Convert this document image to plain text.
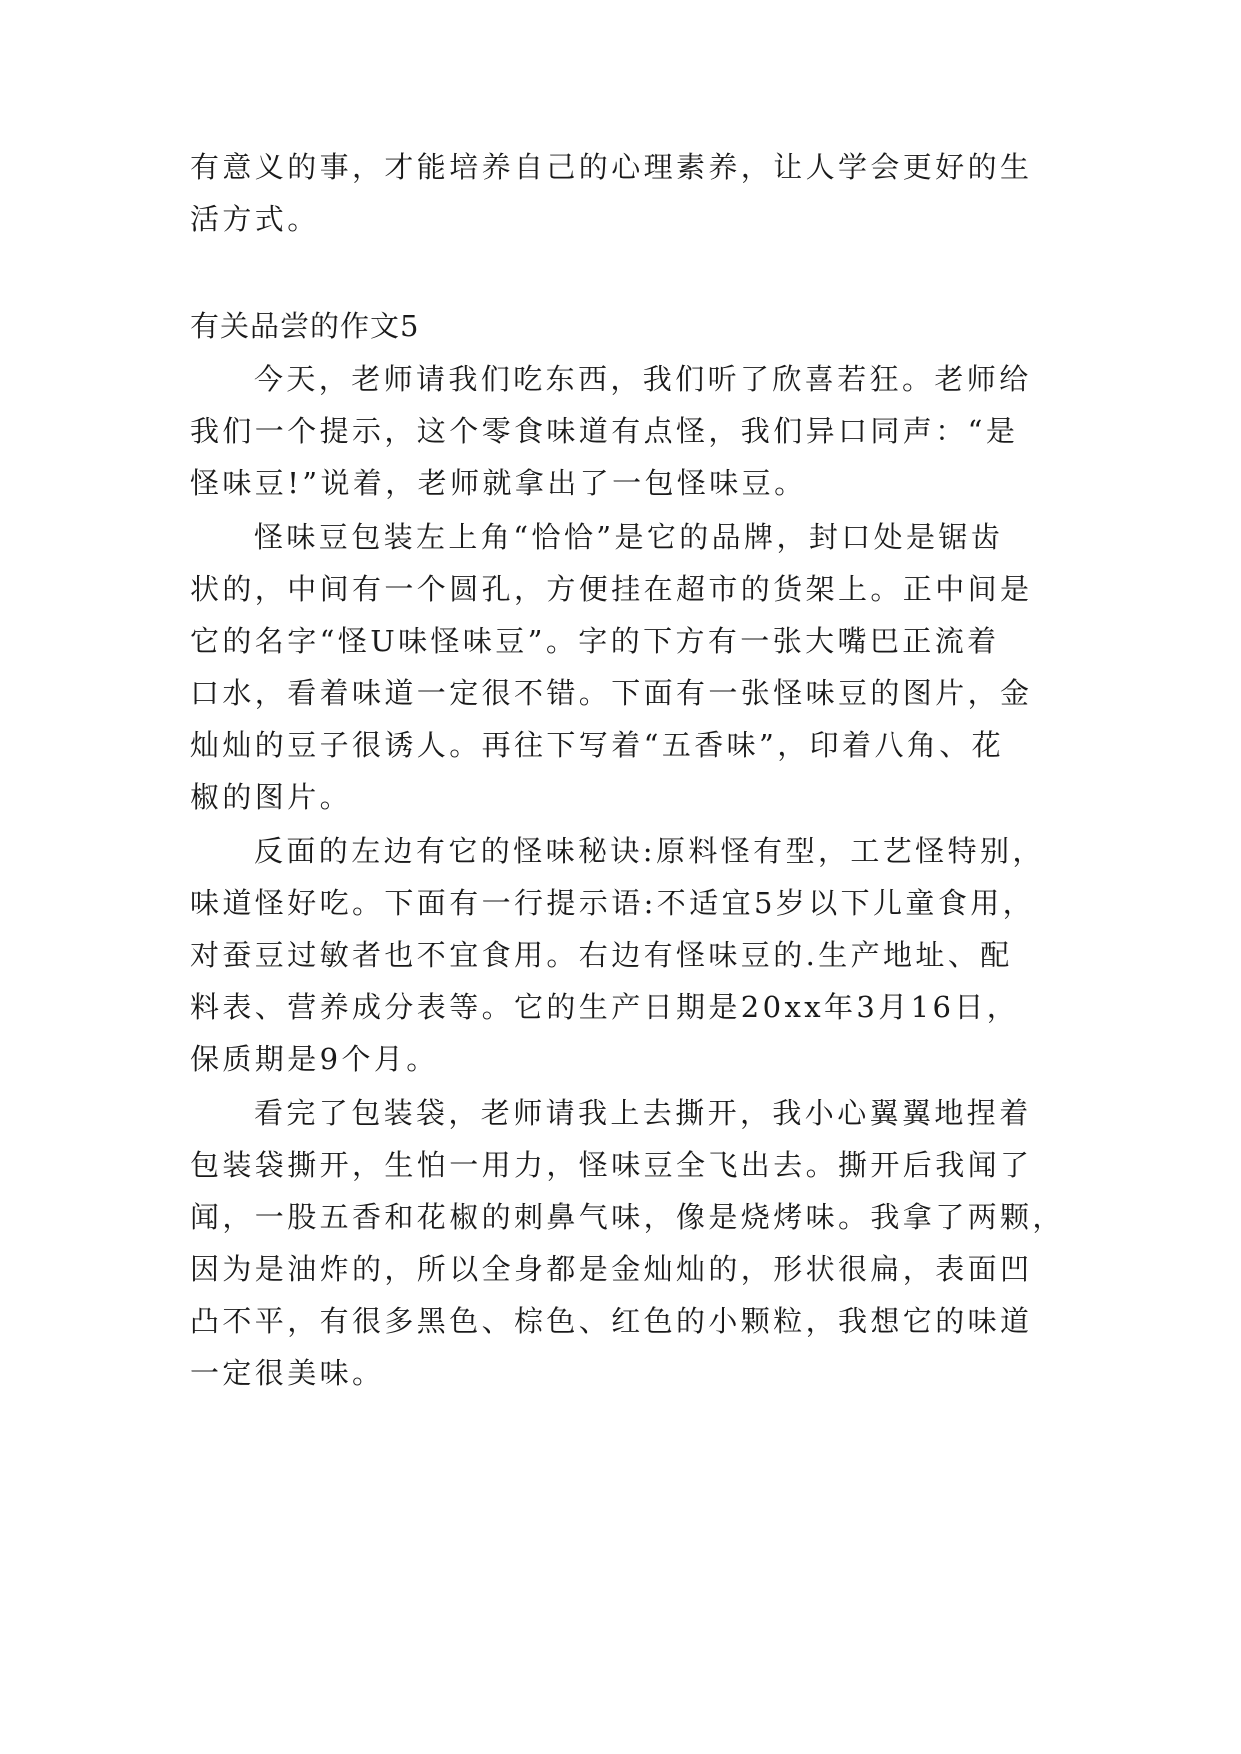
有意义的事，才能培养自己的心理素养，让人学会更好的生
活方式。
有关品尝的作文5
今天，老师请我们吃东西，我们听了欣喜若狂。老师给
我们一个提示，这个零食味道有点怪，我们异口同声：“是
怪味豆!”说着，老师就拿出了一包怪味豆。
怪味豆包装左上角“恰恰”是它的品牌，封口处是锯齿
状的，中间有一个圆孔，方便挂在超市的货架上。正中间是
它的名字“怪U味怪味豆”。字的下方有一张大嘴巴正流着
口水，看着味道一定很不错。下面有一张怪味豆的图片，金
灿灿的豆子很诱人。再往下写着“五香味”，印着八角、花
椒的图片。
反面的左边有它的怪味秘诀:原料怪有型，工艺怪特别，
味道怪好吃。下面有一行提示语:不适宜5岁以下儿童食用，
对蚕豆过敏者也不宜食用。右边有怪味豆的.生产地址、配
料表、营养成分表等。它的生产日期是20xx年3月16日，
保质期是9个月。
看完了包装袋，老师请我上去撕开，我小心翼翼地捏着
包装袋撕开，生怕一用力，怪味豆全飞出去。撕开后我闻了
闻，一股五香和花椒的刺鼻气味，像是烧烤味。我拿了两颗，
因为是油炸的，所以全身都是金灿灿的，形状很扁，表面凹
凸不平，有很多黑色、棕色、红色的小颗粒，我想它的味道
一定很美味。
